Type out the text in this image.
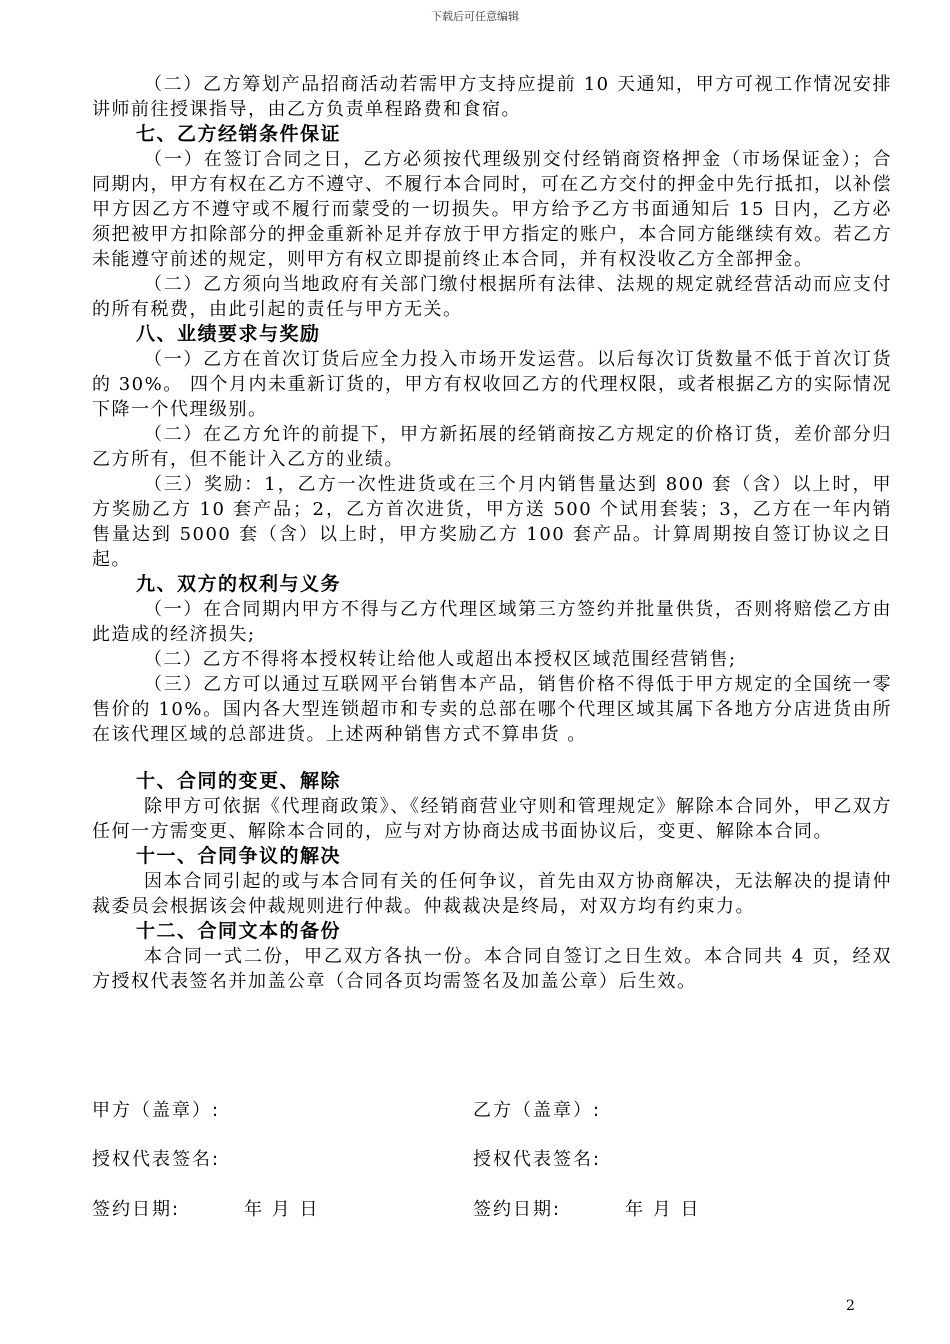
下载后可任意编辑

（二）乙方筹划产品招商活动若需甲方支持应提前 10 天通知，甲方可视工作情况安排讲师前往授课指导，由乙方负责单程路费和食宿。

七、乙方经销条件保证

（一）在签订合同之日，乙方必须按代理级别交付经销商资格押金（市场保证金）；合同期内，甲方有权在乙方不遵守、不履行本合同时，可在乙方交付的押金中先行抵扣，以补偿甲方因乙方不遵守或不履行而蒙受的一切损失。甲方给予乙方书面通知后 15 日内，乙方必须把被甲方扣除部分的押金重新补足并存放于甲方指定的账户，本合同方能继续有效。若乙方未能遵守前述的规定，则甲方有权立即提前终止本合同，并有权没收乙方全部押金。

（二）乙方须向当地政府有关部门缴付根据所有法律、法规的规定就经营活动而应支付的所有税费，由此引起的责任与甲方无关。

八、业绩要求与奖励

（一）乙方在首次订货后应全力投入市场开发运营。以后每次订货数量不低于首次订货的 30%。 四个月内未重新订货的，甲方有权收回乙方的代理权限，或者根据乙方的实际情况下降一个代理级别。

（二）在乙方允许的前提下，甲方新拓展的经销商按乙方规定的价格订货，差价部分归乙方所有，但不能计入乙方的业绩。

（三）奖励：1，乙方一次性进货或在三个月内销售量达到 800 套（含）以上时，甲方奖励乙方 10 套产品；2，乙方首次进货，甲方送 500 个试用套装；3，乙方在一年内销售量达到 5000 套（含）以上时，甲方奖励乙方 100 套产品。计算周期按自签订协议之日起。

九、双方的权利与义务

（一）在合同期内甲方不得与乙方代理区域第三方签约并批量供货，否则将赔偿乙方由此造成的经济损失;

（二）乙方不得将本授权转让给他人或超出本授权区域范围经营销售;

（三）乙方可以通过互联网平台销售本产品，销售价格不得低于甲方规定的全国统一零售价的 10%。国内各大型连锁超市和专卖的总部在哪个代理区域其属下各地方分店进货由所在该代理区域的总部进货。上述两种销售方式不算串货 。

十、合同的变更、解除

除甲方可依据《代理商政策》、《经销商营业守则和管理规定》解除本合同外，甲乙双方任何一方需变更、解除本合同的，应与对方协商达成书面协议后，变更、解除本合同。

十一、合同争议的解决

因本合同引起的或与本合同有关的任何争议，首先由双方协商解决，无法解决的提请仲裁委员会根据该会仲裁规则进行仲裁。仲裁裁决是终局，对双方均有约束力。

十二、合同文本的备份

本合同一式二份，甲乙双方各执一份。本合同自签订之日生效。本合同共 4 页，经双方授权代表签名并加盖公章（合同各页均需签名及加盖公章）后生效。

甲方（盖章）:	乙方（盖章）:
授权代表签名:	授权代表签名:
签约日期:	年 月 日	签约日期:	年 月 日
2
